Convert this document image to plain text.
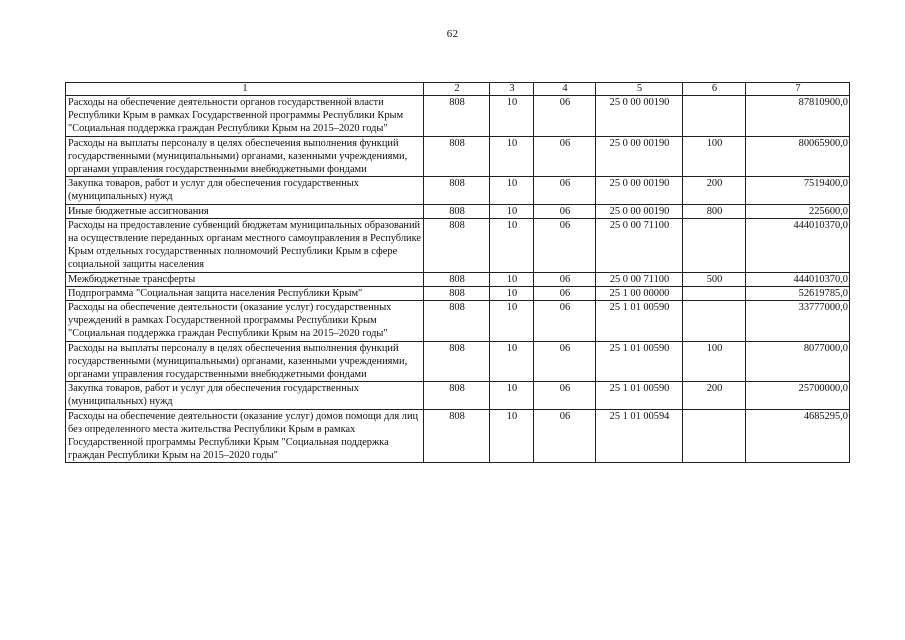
62
1	2	3	4	5	6	7
Расходы на обеспечение деятельности органов государственной власти Республики Крым в рамках Государственной программы Республики Крым "Социальная поддержка граждан Республики Крым на 2015–2020 годы"	808	10	06	25 0 00 00190		87810900,0
Расходы на выплаты персоналу в целях обеспечения выполнения функций государственными (муниципальными) органами, казенными учреждениями, органами управления государственными внебюджетными фондами	808	10	06	25 0 00 00190	100	80065900,0
Закупка товаров, работ и услуг для обеспечения государственных (муниципальных) нужд	808	10	06	25 0 00 00190	200	7519400,0
Иные бюджетные ассигнования	808	10	06	25 0 00 00190	800	225600,0
Расходы на предоставление субвенций бюджетам муниципальных образований на осуществление переданных органам местного самоуправления в Республике Крым отдельных государственных полномочий Республики Крым в сфере социальной защиты населения	808	10	06	25 0 00 71100		444010370,0
Межбюджетные трансферты	808	10	06	25 0 00 71100	500	444010370,0
Подпрограмма "Социальная защита населения Республики Крым"	808	10	06	25 1 00 00000		52619785,0
Расходы на обеспечение деятельности (оказание услуг) государственных учреждений в рамках Государственной программы Республики Крым "Социальная поддержка граждан Республики Крым на 2015–2020 годы"	808	10	06	25 1 01 00590		33777000,0
Расходы на выплаты персоналу в целях обеспечения выполнения функций государственными (муниципальными) органами, казенными учреждениями, органами управления государственными внебюджетными фондами	808	10	06	25 1 01 00590	100	8077000,0
Закупка товаров, работ и услуг для обеспечения государственных (муниципальных) нужд	808	10	06	25 1 01 00590	200	25700000,0
Расходы на обеспечение деятельности (оказание услуг) домов помощи для лиц без определенного места жительства Республики Крым в рамках Государственной программы Республики Крым "Социальная поддержка граждан Республики Крым на 2015–2020 годы"	808	10	06	25 1 01 00594		4685295,0
